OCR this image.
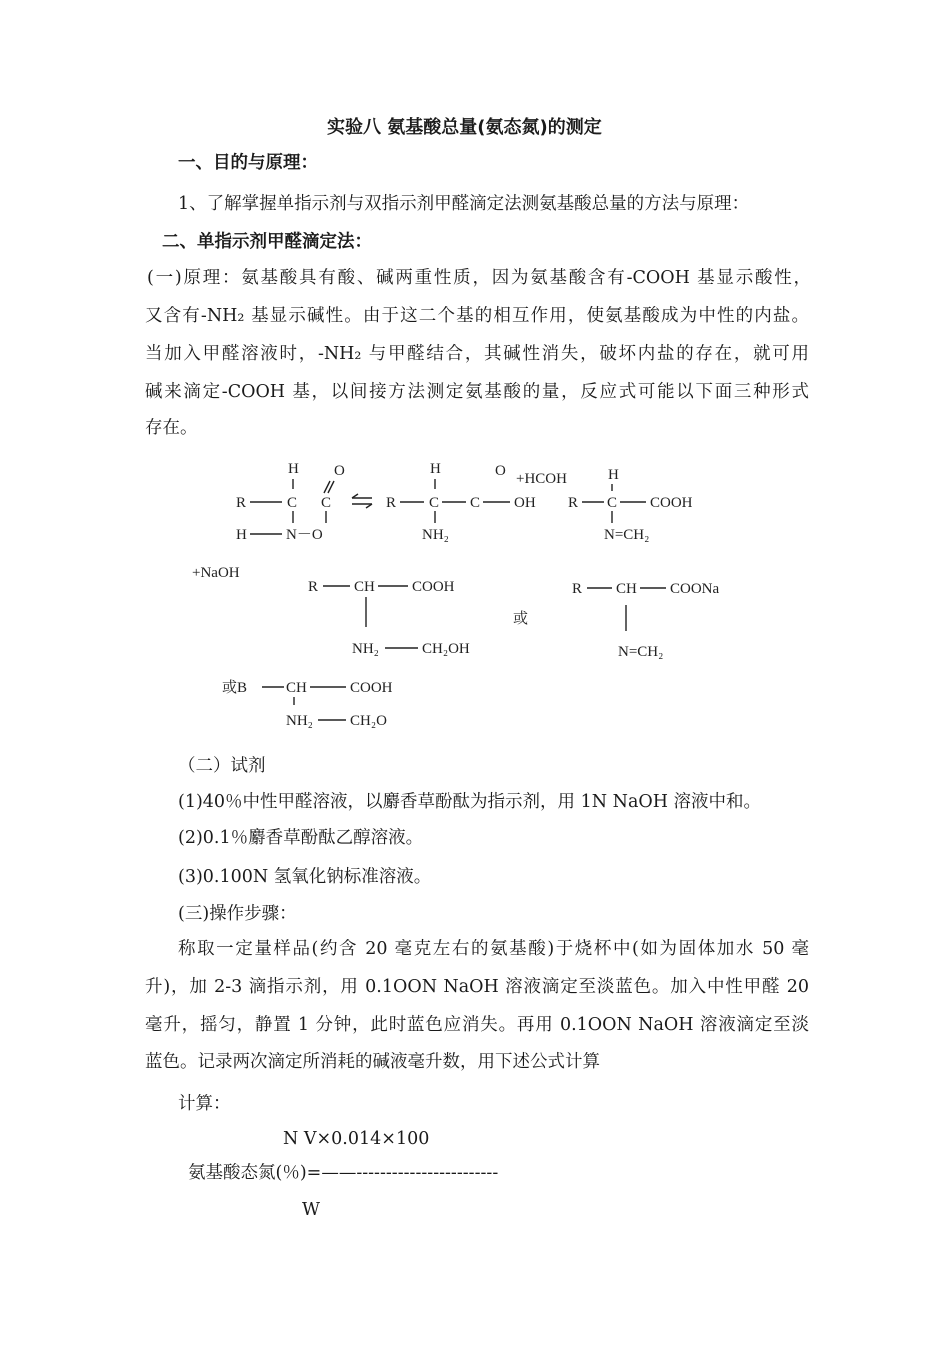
实验八 氨基酸总量(氨态氮)的测定
一、目的与原理：
1、了解掌握单指示剂与双指示剂甲醛滴定法测氨基酸总量的方法与原理：
二、单指示剂甲醛滴定法：
(一)原理：氨基酸具有酸、碱两重性质，因为氨基酸含有-COOH 基显示酸性，
又含有-NH₂ 基显示碱性。由于这二个基的相互作用，使氨基酸成为中性的内盐。
当加入甲醛溶液时，-NH₂ 与甲醛结合，其碱性消失，破坏内盐的存在，就可用
碱来滴定-COOH 基，以间接方法测定氨基酸的量，反应式可能以下面三种形式
存在。
H O
R	C C
H	N－O
H	O
R C C OH
NH₂
+HCOH	H
R C COOH
N=CH₂
+NaOH
R CH COOH
NH₂	CH₂OH
或
R CH COONa
N=CH₂
或B	CH	COOH
NH₂ CH₂O
（二）试剂
(1)40％中性甲醛溶液，以麝香草酚酞为指示剂，用 1N NaOH 溶液中和。
(2)0.1％麝香草酚酞乙醇溶液。
(3)0.100N 氢氧化钠标准溶液。
(三)操作步骤：
称取一定量样品(约含 20 毫克左右的氨基酸)于烧杯中(如为固体加水 50 毫
升)，加 2-3 滴指示剂，用 0.1OON NaOH 溶液滴定至淡蓝色。加入中性甲醛 20
毫升，摇匀，静置 1 分钟，此时蓝色应消失。再用 0.1OON NaOH 溶液滴定至淡
蓝色。记录两次滴定所消耗的碱液毫升数，用下述公式计算
计算：
N V×0.014×100
氨基酸态氮(％)=——------------------------
W
